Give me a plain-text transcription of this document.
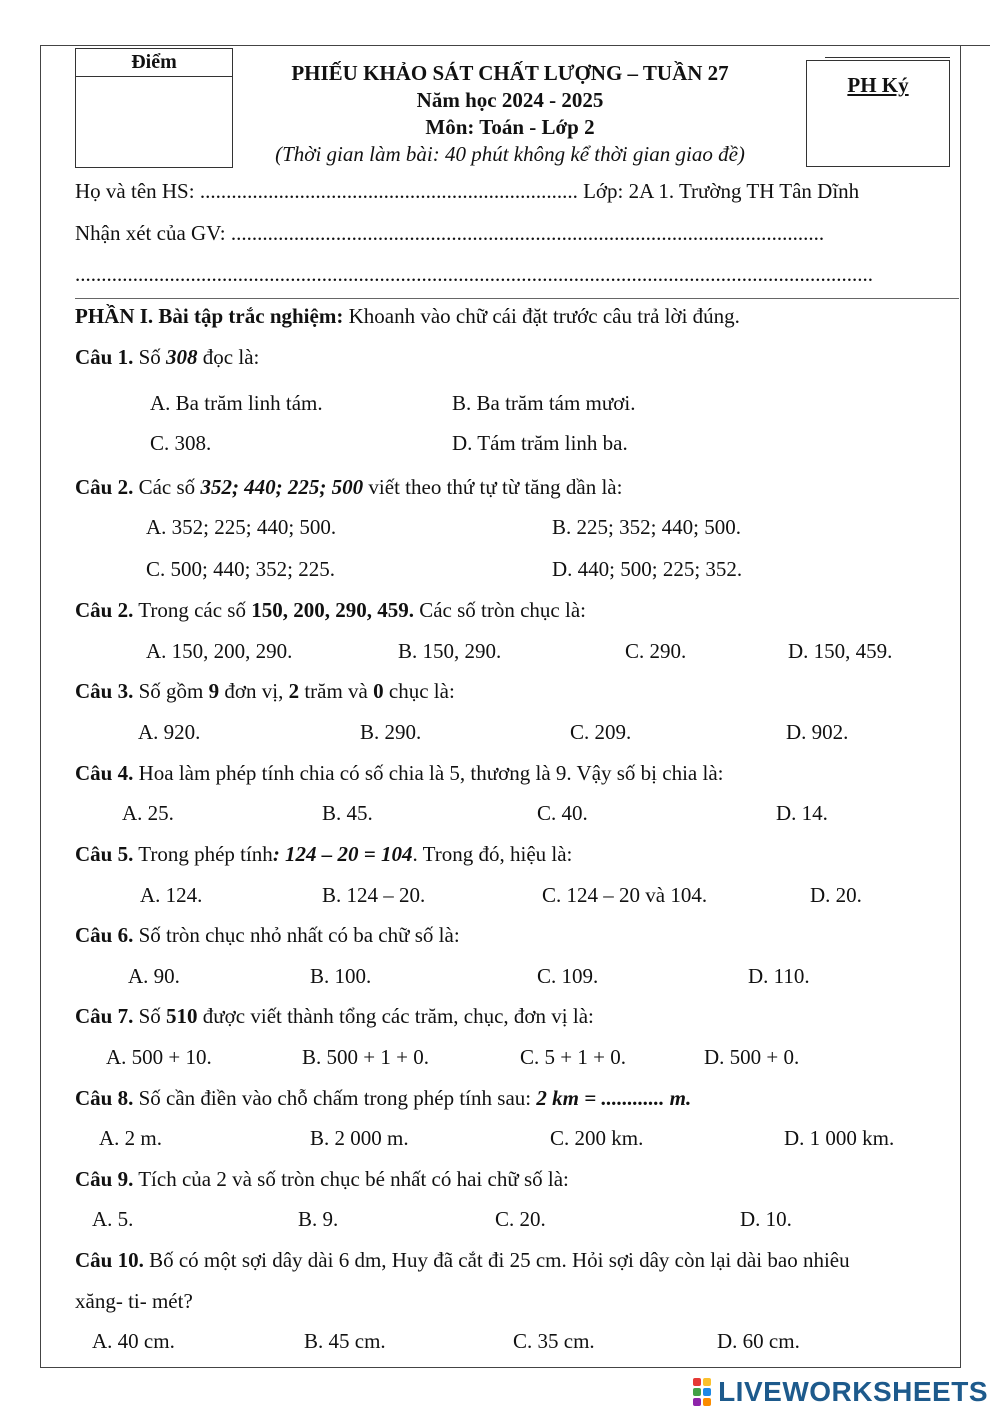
Điểm	PHIẾU KHẢO SÁT CHẤT LƯỢNG – TUẦN 27
Năm học 2024 - 2025
Môn: Toán - Lớp 2
(Thời gian làm bài: 40 phút không kể thời gian giao đề)
PH Ký
Họ và tên HS: ........................................................................ Lớp: 2A 1. Trường TH Tân Dĩnh
Nhận xét của GV: .................................................................................................................
........................................................................................................................................................
PHẦN I. Bài tập trắc nghiệm: Khoanh vào chữ cái đặt trước câu trả lời đúng.
Câu 1. Số 308 đọc là:
A. Ba trăm linh tám.	B. Ba trăm tám mươi.
C. 308.	D. Tám trăm linh ba.
Câu 2. Các số 352; 440; 225; 500 viết theo thứ tự từ tăng dần là:
A. 352; 225; 440; 500.	B. 225; 352; 440; 500.
C. 500; 440; 352; 225.	D. 440; 500; 225; 352.
Câu 2. Trong các số 150, 200, 290, 459. Các số tròn chục là:
A. 150, 200, 290.	B. 150, 290.	C. 290.	D. 150, 459.
Câu 3. Số gồm 9 đơn vị, 2 trăm và 0 chục là:
A. 920.	B. 290.	C. 209.	D. 902.
Câu 4. Hoa làm phép tính chia có số chia là 5, thương là 9. Vậy số bị chia là:
A. 25.	B. 45.	C. 40.	D. 14.
Câu 5. Trong phép tính: 124 – 20 = 104. Trong đó, hiệu là:
A. 124.	B. 124 – 20.	C. 124 – 20 và 104.	D. 20.
Câu 6. Số tròn chục nhỏ nhất có ba chữ số là:
A. 90.	B. 100.	C. 109.	D. 110.
Câu 7. Số 510 được viết thành tổng các trăm, chục, đơn vị là:
A. 500 + 10.	B. 500 + 1 + 0.	C. 5 + 1 + 0.	D. 500 + 0.
Câu 8. Số cần điền vào chỗ chấm trong phép tính sau: 2 km = ............ m.
A. 2 m.	B. 2 000 m.	C. 200 km.	D. 1 000 km.
Câu 9. Tích của 2 và số tròn chục bé nhất có hai chữ số là:
A. 5.	B. 9.	C. 20.	D. 10.
Câu 10. Bố có một sợi dây dài 6 dm, Huy đã cắt đi 25 cm. Hỏi sợi dây còn lại dài bao nhiêu
xăng- ti- mét?
A. 40 cm.	B. 45 cm.	C. 35 cm.	D. 60 cm.
LIVEWORKSHEETS
